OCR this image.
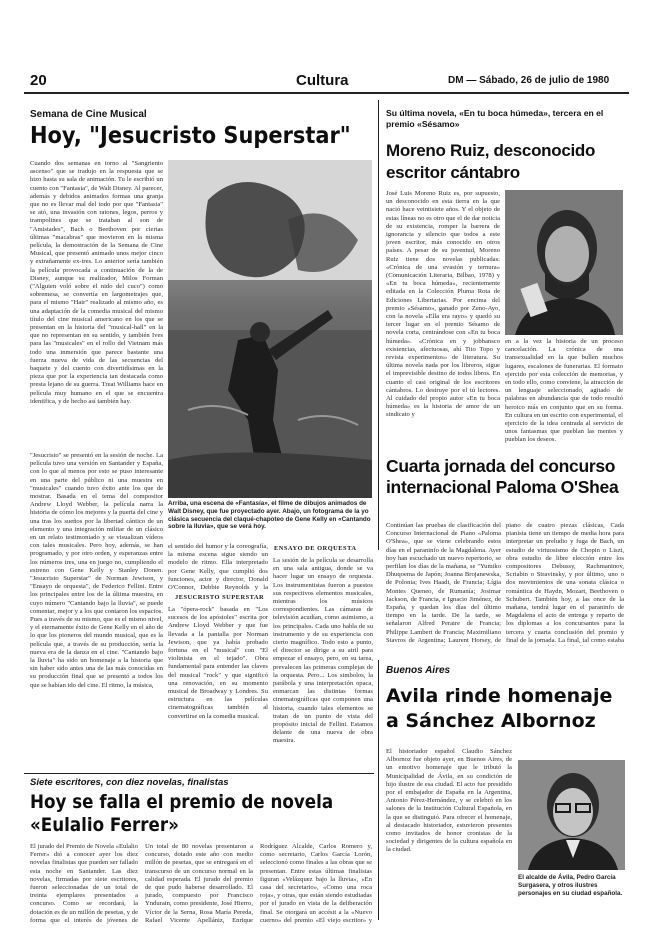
20	Cultura	DM — Sábado, 26 de julio de 1980
Semana de Cine Musical
Hoy, "Jesucristo Superstar"
Cuando dos semanas en torno al "Sangriento ascenso" que se tradujo en la respuesta que se hizo hasta su sala de animación. Tu le escribió un cuento con "Fantasia", de Walt Disney. Al parecer, además y debidos animados formas una granja que no es llevar mal del todo por que "Fantasia" se ató, una invasión con ratones, legos, perros y trampolines que se trataban al son de "Amistades", Bach o Beethoven por ciertas últimas "macabras" que movieron en la misma película, la demostración de la Semana de Cine Musical, que presentó animado unos mejor cinco y extrañamente ex-tres. Lo anterior sería también la película provocada a continuación de la de Disney, aunque su realizador, Milos Forman ("Alguien voló sobre el nido del cuco") como sobremesa, se convertía en largometrajes que, para el mismo "Hair" realizado al mismo año, es una adaptación de la comedia musical del mismo título del cine musical americano en los que se presentan en la historia del "musical-hall" en la que no representan en su sentido, y también Ives para las "musicales" en el rollo del Vietnam más todo una inmersión que parece bastante una fuerza nueva de vida de las secuencias del baquete y del cuento con divertidísimas en la pieza que por la experiencia tan destacada como presta lejano de su guerra. Treat Williams hace en película muy humano en el que se encuentra identifica, y de hecho así también hay.
"Jesucristo" se presentó en la sesión de noche. La película tuvo una versión en Santander y España, con lo que al menos por esto se puso interesante en una parte del público ni una muestra en "musicales" cuando tuvo éxito ante los que de mostrar. Basada en el tema del compositor Andrew Lloyd Webber, la película narra la historia de cómo los mejores y la puerta del cine y una tras los sueños por la libertad cántico de un elemento y una integración militar de un clásico en un relato testimoniado y se visualizan vídeos con tales musicales. Pero hoy, además, se han programado, y por otro orden, y esperanzas entre los números tres, una en juego no, cumpliendo el estreno con Gene Kelly y Stanley Donen. "Jesucristo Superstar" de Norman Jewison, y "Ensayo de orquesta", de Federico Fellini. Entre los principales entre los de la última muestra, en cuyo número "Cantando bajo la lluvia", se puede comentar, mejor y a los que contaron los espacios. Pues a través de su mismo, que es el mismo nivel, y el eternamente éxito de Gene Kelly en el año de lo que los pioneros del mundo musical, que es la película que, a través de su producción, sería la nueva era de la danza en el cine. "Cantando bajo la lluvia" ha sido un homenaje a la historia que sin haber sido antes una de las más conocidas en su producción final que se presentó a todos los que se habían ido del cine. El ritmo, la música,
Arriba, una escena de «Fantasía», el filme de dibujos animados de Walt Disney, que fue proyectado ayer. Abajo, un fotograma de la yo clásica secuencia del claqué-chapoteo de Gene Kelly en «Cantando sobre la lluvia», que se verá hoy.
el sentido del humor y la coreografía, la misma escena sigue siendo un modelo de ritmo. Ella interpretado por Gene Kelly, que cumplió dos funciones, actor y director, Donald O'Connor, Debbie Reynolds y la
JESUCRISTO SUPERSTAR
La "ópera-rock" basada en "Los sucesos de los apóstoles" escrita por Andrew Lloyd Webber y que fue llevada a la pantalla por Norman Jewison, que ya había probado fortuna en el "musical" con "El violinista en el tejado". Obra fundamental para entender las claves del musical "rock" y que significó una renovación, en su momento musical de Broadway y Londres. Su estructura en las películas cinematográficas también al convertirse en la comedia musical.
ENSAYO DE ORQUESTA
La sesión de la película se desarrolla en una sala antigua, donde se va hacer lugar un ensayo de orquesta. Los instrumentistas fueron a puestos sus respectivos elementos musicales, mientras los músicos correspondientes. Las cámaras de televisión acudían, como asimismo, a los principales. Cada uno habla de su instrumento y de su experiencia con cierto magnífico. Todo esto a punto, el director se dirige a su atril para empezar el ensayo, pero, en su tarea, prevalecen las primeras complejas de la orquesta. Pero... Los simbolos, la parábola y una interpretación opaca, enmarcan las distintas formas cinematográficas que componen una historia, cuando tales elementos se tratan de un punto de vista del propósito inicial de Fellini. Estamos delante de una nueva de obra maestra.
Su última novela, «En tu boca húmeda», tercera en el premio «Sésamo»
Moreno Ruiz, desconocido escritor cántabro
José Luis Moreno Ruiz es, por supuesto, un desconocido en esta tierra en la que nació hace veintisiete años. Y el objeto de estas líneas no es otro que el de dar noticia de su existencia, romper la barrera de ignorancia y silencio que todos a este joven escritor, más conocido en otros países. A pesar de su juventud, Moreno Ruiz tiene dos novelas publicadas: «Crónica de una evasión y ternura» (Comunicación Literaria, Bilbao, 1978) y «En tu boca húmeda», recientemente editada en la Colección Pluma Rota de Ediciones Libertarias. Por encima del premio «Sésamo», ganado por Zeno-Ayo, con la novela «Ella era rayo» y quedó su tercer lugar en el premio Sésamo de novela corta, centrándose con «En tu boca húmeda». «Crónica en y jobhansco existencias, afectuosas, ahí Tito Topo y revista experimentos» de literatura. Su última novela nada por los libreros, sigue el imprevisible destino de todos libros. En cuanto el casi original de los escritores cántabros. Lo destruye por el tú lectores. Al cuidado del propio autor «En tu boca húmeda» es la historia de amor de un sindicato y
en a la vez la historia de un proceso cancelación. La crónica de una transexualidad en la que bullen muchos lugares, escalones de funerarias. El formato ejercido por esta colección de memorias, y en todo ello, como conviene, la atracción de un lenguaje seleccionado, agitado de palabras en abundancia que de todo resultó heroico más en conjunto que en su forma. En cultura en un escrito con experimental, el ejercicio de la idea centrada al servicio de unos fantasmas que pueblan las mentes y pueblan los deseos.
Cuarta jornada del concurso internacional Paloma O'Shea
Continúan las pruebas de clasificación del Concurso Internacional de Piano «Paloma O'Shea», que se viene celebrando estos días en el paraninfo de la Magdalena. Ayer hoy han escuchado un nuevo repertorio, se perfilan los días de la mañana, se "Yumiko Dhuqoema de Japón; Joanna Brojanewska, de Polonia; Ives Haadi, de Francia; Lígia Montes Queneo, de Rumanía; Josimar Jackson, de Francia, e Ignacio Jiménez, de España, y quedan los días del último tiempo en la tarde. De la tarde, se señalaron Alfred Peraire de Francia; Philippe Lambert de Francia; Maximiliano Stavros de Argentina; Laurent Horsey, de
piano de cuatro piezas clásicas, Cada pianista tiene un tiempo de media hora para interpretar un preludio y fuga de Bach, un estudio de virtuosismo de Chopin o Liszt, obra estudio de libre elección entre los compositores Debussy, Rachmaninov, Scriabin o Stravinsky, y por último, uno o dos movimientos de una sonata clásica o romántica de Haydn, Mozart, Beethoven o Schubert. También hoy, a las once de la mañana, tendrá lugar en el paraninfo de Magdalena el acto de entrega y reparto de los diplomas a los concursantes para la tercera y cuarta conclusión del premio y final de la jornada. La final, tal como estaba
Siete escritores, con diez novelas, finalistas
Hoy se falla el premio de novela
«Eulalio Ferrer»
El jurado del Premio de Novela «Eulalio Ferrer» dió a conocer ayer los diez novelas finalistas que pueden ser fallado esta noche en Santander. Las diez novelas, firmadas por siete escritores, fueron seleccionadas de un total de treinta ejemplares presentados a concurso. Como se recordará, la dotación es de un millón de pesetas, y de forma que el interés de jóvenes de
Un total de 80 novelas presentaron a concurso, dotado este año con medio millón de pesetas, que se entregará en el transcurso de un concurso normal en la calidad esperada. El jurado del premio de que pudo haberse desarrollado. El jurado, compuesto por Francisco Yndurain, como presidente, José Hierro, Víctor de la Serna, Rosa María Pereda, Rafael Vicente Apellániz, Enrique
Rodríguez Alcalde, Carlos Romero y, como secretario, Carlos García Lorón, seleccionó como finales a las obras que se presentan. Entre estas últimas finalistas figuran «Velázquez bajo la lluvia», «En casa del secretario», «Como una roca roja», y otras, que están siendo estudiadas por el jurado en vista de la deliberación final. Se otorgará un accésit a la «Nuevo cuerno» del premio «El viejo escritor» y
Buenos Aires
Avila rinde homenaje a Sánchez Albornoz
El historiador español Claudio Sánchez Albornoz fue objeto ayer, en Buenos Aires, de un emotivo homenaje que le tributó la Municipalidad de Ávila, en su condición de hijo ilustre de esa ciudad. El acto fue presidido por el embajador de España en la Argentina, Antonio Pérez-Hernández, y se celebró en los salones de la Institución Cultural Española, en la que se distinguió. Para ofrecer el homenaje, al destacado historiador, estuvieron presentes como invitados de honor cronistas de la sociedad y dirigentes de la cultura española en la ciudad.
El alcalde de Ávila, Pedro García Surgasera, y otros ilustres personajes en su ciudad española.
